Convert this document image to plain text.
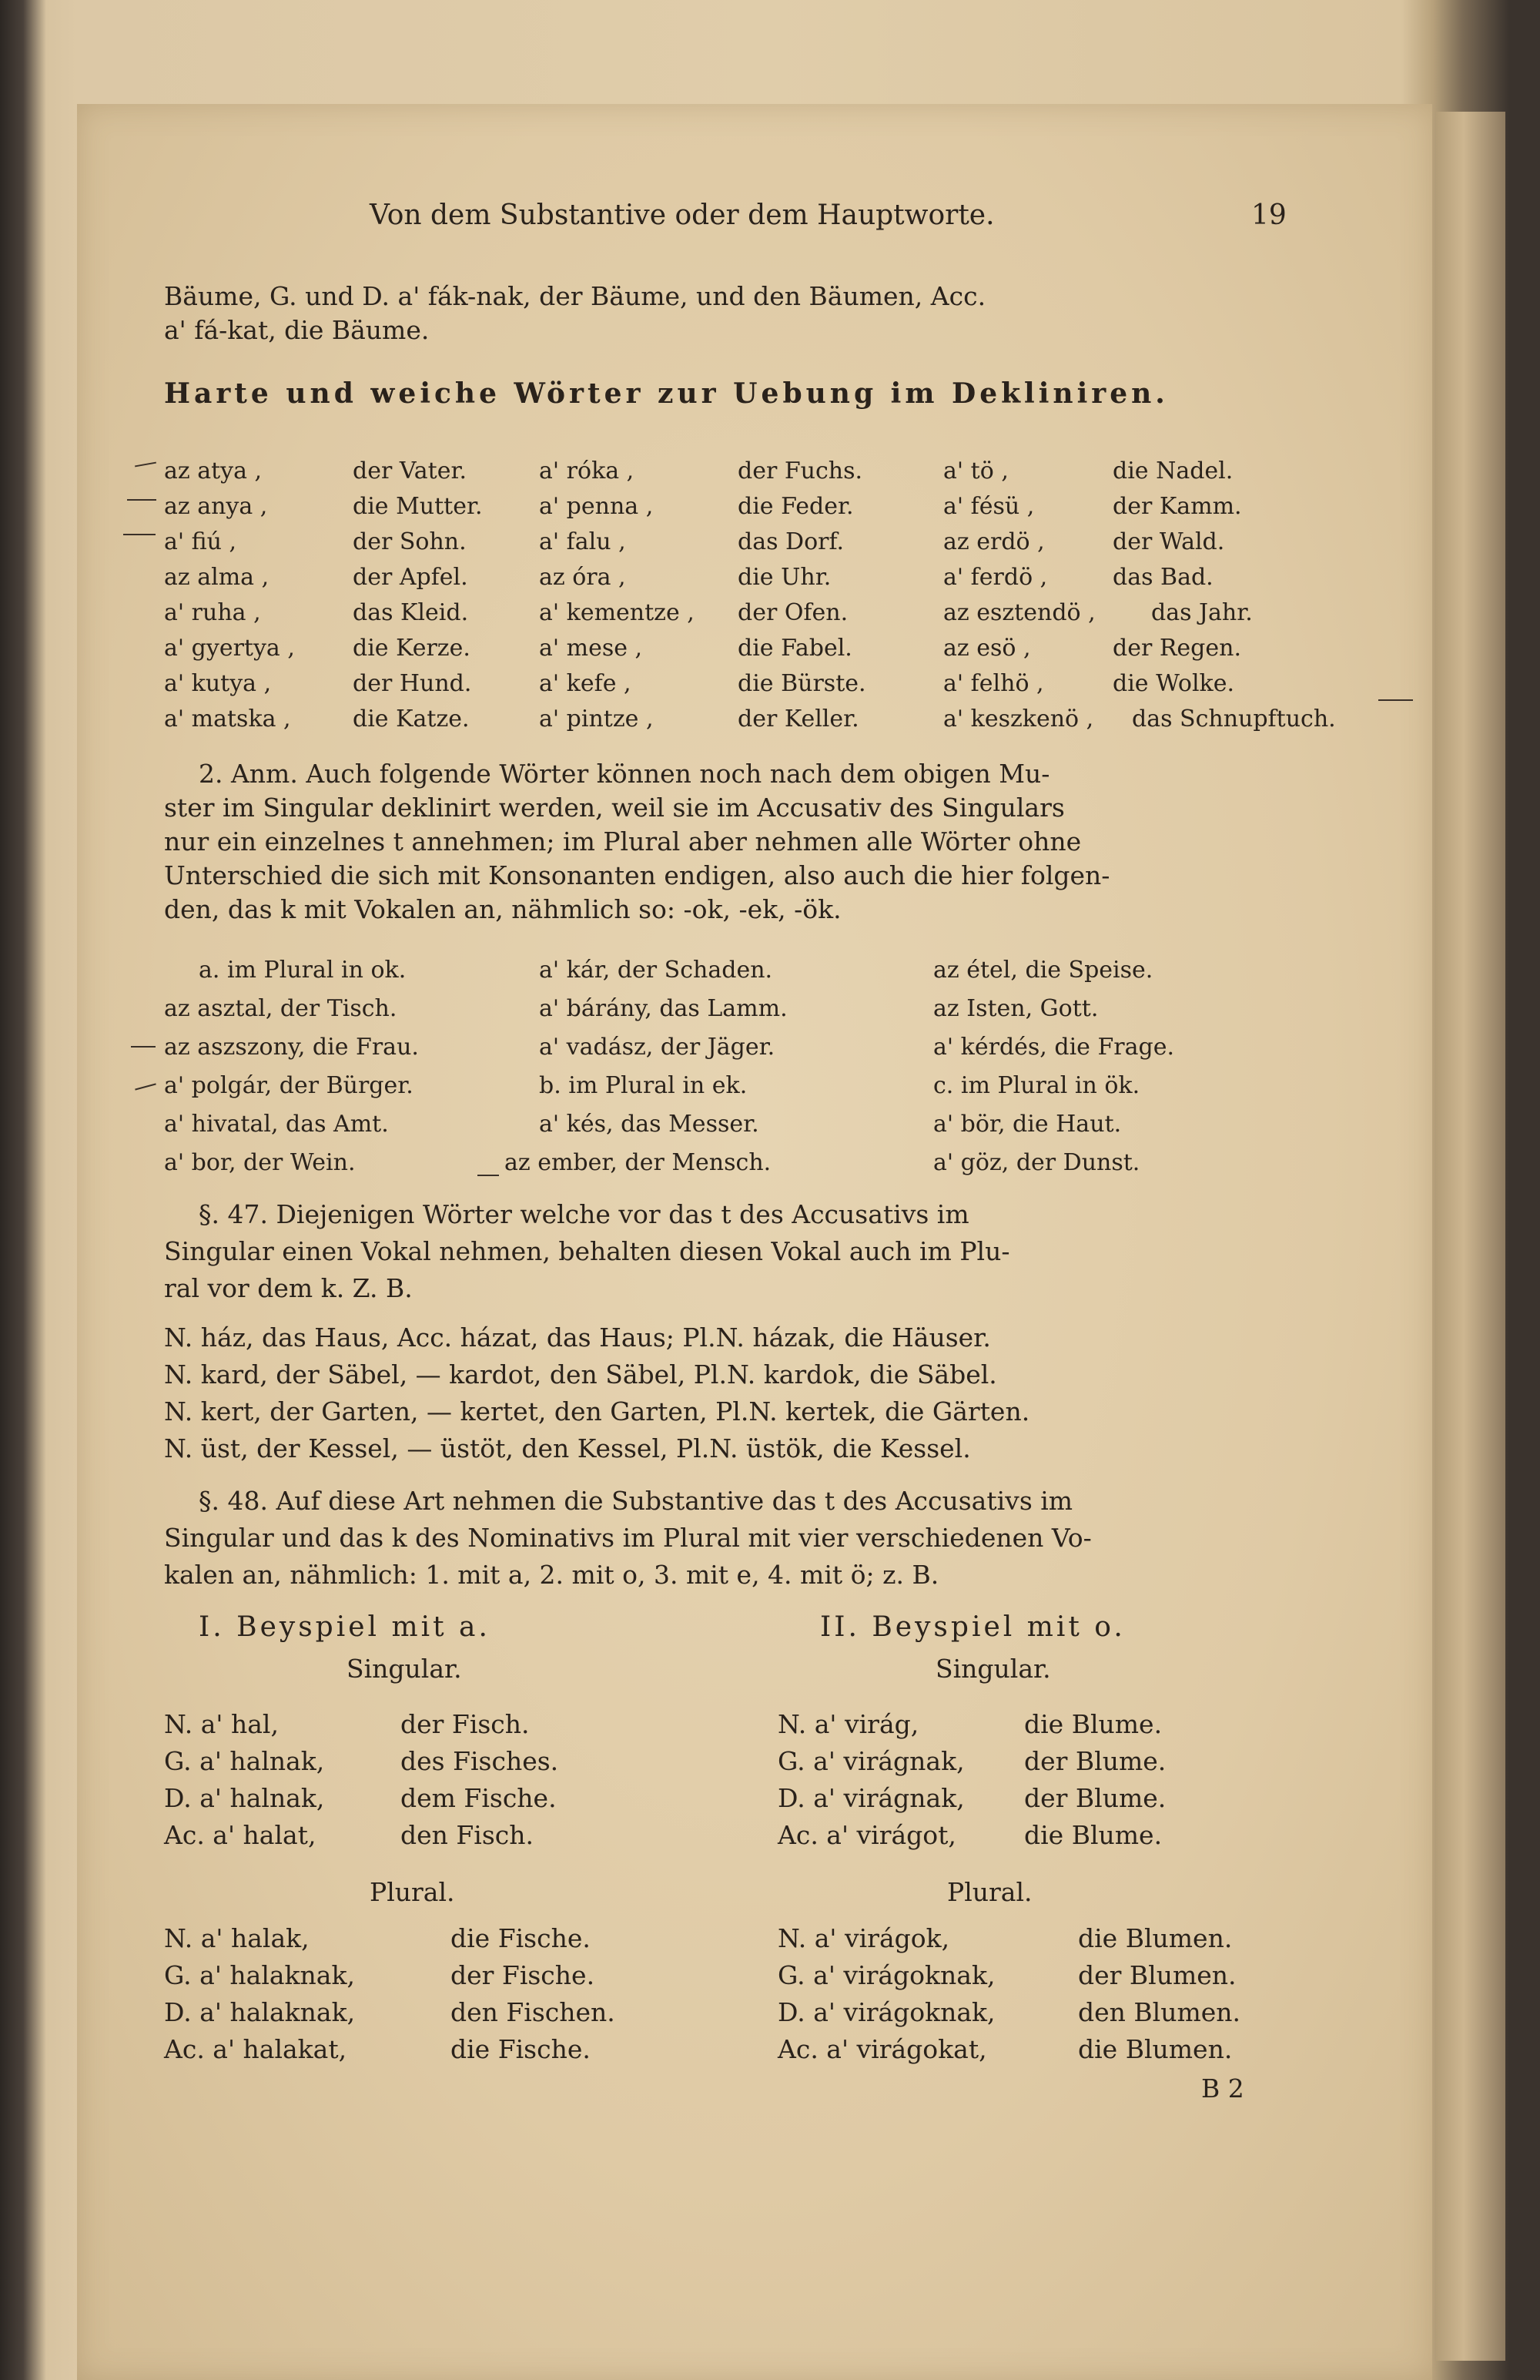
Von dem Substantive oder dem Hauptworte.	19
Bäume, G. und D. a' fák-nak, der Bäume, und den Bäumen, Acc.
a' fá-kat, die Bäume.
Harte und weiche Wörter zur Uebung im Dekliniren.
az atya ,	der Vater.	a' róka ,	der Fuchs.	a' tö ,	die Nadel.
az anya ,	die Mutter. a' penna ,	die Feder.	a' fésü ,	der Kamm.
a' fiú ,	der Sohn.	a' falu ,	das Dorf.	az erdö ,	der Wald.
az alma ,	der Apfel.	az óra ,	die Uhr.	a' ferdö ,	das Bad.
a' ruha ,	das Kleid.	a' kementze , der Ofen.	az esztendö , das Jahr.
a' gyertya ,	die Kerze.	a' mese ,	die Fabel.	az esö ,	der Regen.
a' kutya ,	der Hund.	a' kefe ,	die Bürste.	a' felhö ,	die Wolke.
a' matska ,	die Katze.	a' pintze ,	der Keller.	a' keszkenö , das Schnupftuch.
2. Anm. Auch folgende Wörter können noch nach dem obigen Mu-
ster im Singular deklinirt werden, weil sie im Accusativ des Singulars
nur ein einzelnes t annehmen; im Plural aber nehmen alle Wörter ohne
Unterschied die sich mit Konsonanten endigen, also auch die hier folgen-
den, das k mit Vokalen an, nähmlich so: -ok, -ek, -ök.
a. im Plural in ok.	a' kár, der Schaden.	az étel, die Speise.
az asztal, der Tisch.	a' bárány, das Lamm.	az Isten, Gott.
az aszszony, die Frau.	a' vadász, der Jäger.	a' kérdés, die Frage.
a' polgár, der Bürger.	b. im Plural in ek.	c. im Plural in ök.
a' hivatal, das Amt.	a' kés, das Messer.	a' bör, die Haut.
a' bor, der Wein.	az ember, der Mensch.	a' göz, der Dunst.
§. 47. Diejenigen Wörter welche vor das t des Accusativs im
Singular einen Vokal nehmen, behalten diesen Vokal auch im Plu-
ral vor dem k. Z. B.
N. ház, das Haus, Acc. házat, das Haus; Pl.N. házak, die Häuser.
N. kard, der Säbel, — kardot, den Säbel, Pl.N. kardok, die Säbel.
N. kert, der Garten, — kertet, den Garten, Pl.N. kertek, die Gärten.
N. üst, der Kessel, — üstöt, den Kessel, Pl.N. üstök, die Kessel.
§. 48. Auf diese Art nehmen die Substantive das t des Accusativs im
Singular und das k des Nominativs im Plural mit vier verschiedenen Vo-
kalen an, nähmlich: 1. mit a, 2. mit o, 3. mit e, 4. mit ö; z. B.
I. Beyspiel mit a.
Singular.
N. a' hal,	der Fisch.
G. a' halnak,	des Fisches.
D. a' halnak,	dem Fische.
Ac. a' halat,	den Fisch.
Plural.
N. a' halak,	die Fische.
G. a' halaknak,	der Fische.
D. a' halaknak,	den Fischen.
Ac. a' halakat,	die Fische.
II. Beyspiel mit o.
Singular.
N. a' virág,	die Blume.
G. a' virágnak, der Blume.
D. a' virágnak, der Blume.
Ac. a' virágot,	die Blume.
Plural.
N. a' virágok,	die Blumen.
G. a' virágoknak,	der Blumen.
D. a' virágoknak,	den Blumen.
Ac. a' virágokat,	die Blumen.
B 2
